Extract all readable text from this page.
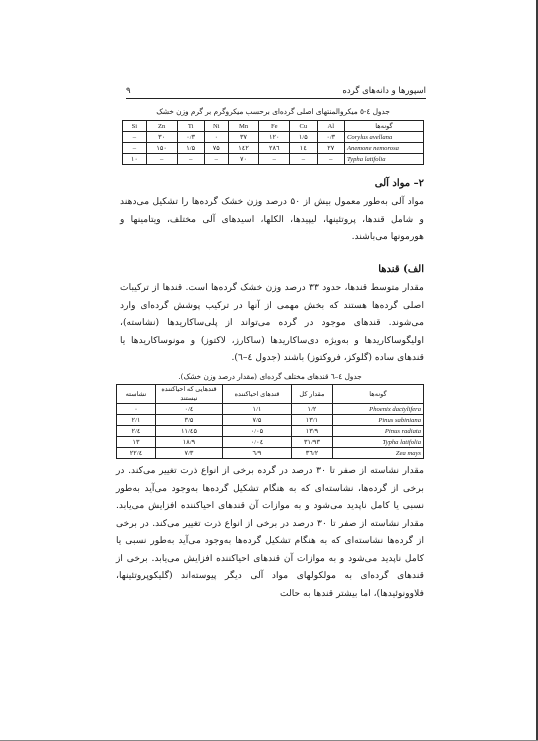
اسپورها و دانه‌های گرده
۹
جدول ٤-٥ میکروالمنتهای اصلی گرده‌ای برحسب میکروگرم بر گرم وزن خشک
Si	Zn	Ti	Ni	Mn	Fe	Cu	Al	گونه‌ها
–	۳۰	۰/۳	۰	۳۷	۱۲۰	۱/۵	۰/۳	Corylus avellana
–	۱۵۰	۱/۵	۷۵	۱٤۲	۲۸٦	۱٤	۲۷	Anemone nemorosa
۱۰	–	–	–	۷۰	–	–	–	Typha latifolia
۲– مواد آلی
مواد آلی به‌طور معمول بیش از ۵۰ درصد وزن خشک گرده‌ها را تشکیل می‌دهند و شامل قندها، پروتئینها، لیپیدها، الکلها، اسیدهای آلی مختلف، ویتامینها و هورمونها می‌باشند.
الف) قندها
مقدار متوسط قندها، حدود ۳۳ درصد وزن خشک گرده‌ها است. قندها از ترکیبات اصلی گرده‌ها هستند که بخش مهمی از آنها در ترکیب پوشش گرده‌ای وارد می‌شوند. قندهای موجود در گرده می‌تواند از پلی‌ساکاریدها (نشاسته)، اولیگوساکاریدها و به‌ویژه دی‌ساکاریدها (ساکارز، لاکتوز) و مونوساکاریدها یا قندهای ساده (گلوکز، فروکتوز) باشند (جدول ٤–٦).
جدول ٤–٦ قندهای مختلف گرده‌ای (مقدار درصد وزن خشک).
نشاسته	قندهایی که احیاکننده نیستند	قندهای احیاکننده	مقدار کل	گونه‌ها
۰	۰/٤	۱/۱	۱/۲	Phoenix dactylifera
۲/۱	۳/۵	۷/۵	۱۳/۱	Pinus sabiniana
۲/٤	۱۱/٤۵	۰/۰۵	۱۳/۹	Pinus radiata
۱۳	۱۸/۹	۰/۰٤	۳۱/۹۳	Typha latifolia
۲۲/٤	۷/۳	٦/۹	۳٦/۲	Zea mays
مقدار نشاسته از صفر تا ۳۰ درصد در گرده برخی از انواع ذرت تغییر می‌کند. در برخی از گرده‌ها، نشاسته‌ای که به هنگام تشکیل گرده‌ها به‌وجود می‌آید به‌طور نسبی یا کامل ناپدید می‌شود و به موازات آن قندهای احیاکننده افزایش می‌یابد. مقدار نشاسته از صفر تا ۳۰ درصد در برخی از انواع ذرت تغییر می‌کند. در برخی از گرده‌ها نشاسته‌ای که به هنگام تشکیل گرده‌ها به‌وجود می‌آید به‌طور نسبی یا کامل ناپدید می‌شود و به موازات آن قندهای احیاکننده افزایش می‌یابد. برخی از قندهای گرده‌ای به مولکولهای مواد آلی دیگر پیوسته‌اند (گلیکوپروتئینها، فلاوونوئیدها)، اما بیشتر قندها به حالت
